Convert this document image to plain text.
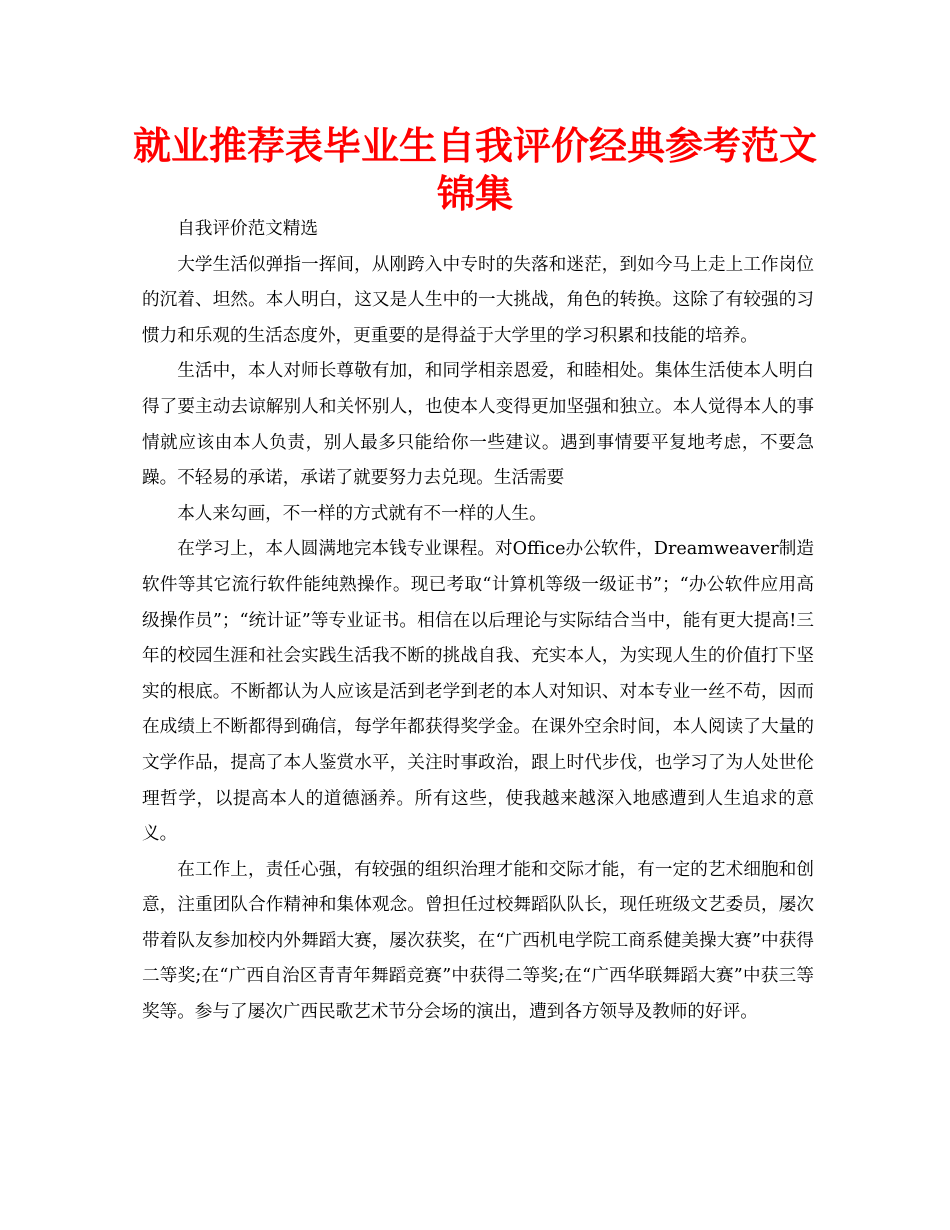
就业推荐表毕业生自我评价经典参考范文锦集

自我评价范文精选

大学生活似弹指一挥间，从刚跨入中专时的失落和迷茫，到如今马上走上工作岗位的沉着、坦然。本人明白，这又是人生中的一大挑战，角色的转换。这除了有较强的习惯力和乐观的生活态度外，更重要的是得益于大学里的学习积累和技能的培养。

生活中，本人对师长尊敬有加，和同学相亲恩爱，和睦相处。集体生活使本人明白得了要主动去谅解别人和关怀别人，也使本人变得更加坚强和独立。本人觉得本人的事情就应该由本人负责，别人最多只能给你一些建议。遇到事情要平复地考虑，不要急躁。不轻易的承诺，承诺了就要努力去兑现。生活需要

本人来勾画，不一样的方式就有不一样的人生。

在学习上，本人圆满地完本钱专业课程。对Office办公软件，Dreamweaver制造软件等其它流行软件能纯熟操作。现已考取“计算机等级一级证书”；“办公软件应用高级操作员”；“统计证”等专业证书。相信在以后理论与实际结合当中，能有更大提高!三年的校园生涯和社会实践生活我不断的挑战自我、充实本人，为实现人生的价值打下坚实的根底。不断都认为人应该是活到老学到老的本人对知识、对本专业一丝不苟，因而在成绩上不断都得到确信，每学年都获得奖学金。在课外空余时间，本人阅读了大量的文学作品，提高了本人鉴赏水平，关注时事政治，跟上时代步伐，也学习了为人处世伦理哲学，以提高本人的道德涵养。所有这些，使我越来越深入地感遭到人生追求的意义。

在工作上，责任心强，有较强的组织治理才能和交际才能，有一定的艺术细胞和创意，注重团队合作精神和集体观念。曾担任过校舞蹈队队长，现任班级文艺委员，屡次带着队友参加校内外舞蹈大赛，屡次获奖，在“广西机电学院工商系健美操大赛”中获得二等奖;在“广西自治区青青年舞蹈竞赛”中获得二等奖;在“广西华联舞蹈大赛”中获三等奖等。参与了屡次广西民歌艺术节分会场的演出，遭到各方领导及教师的好评。
